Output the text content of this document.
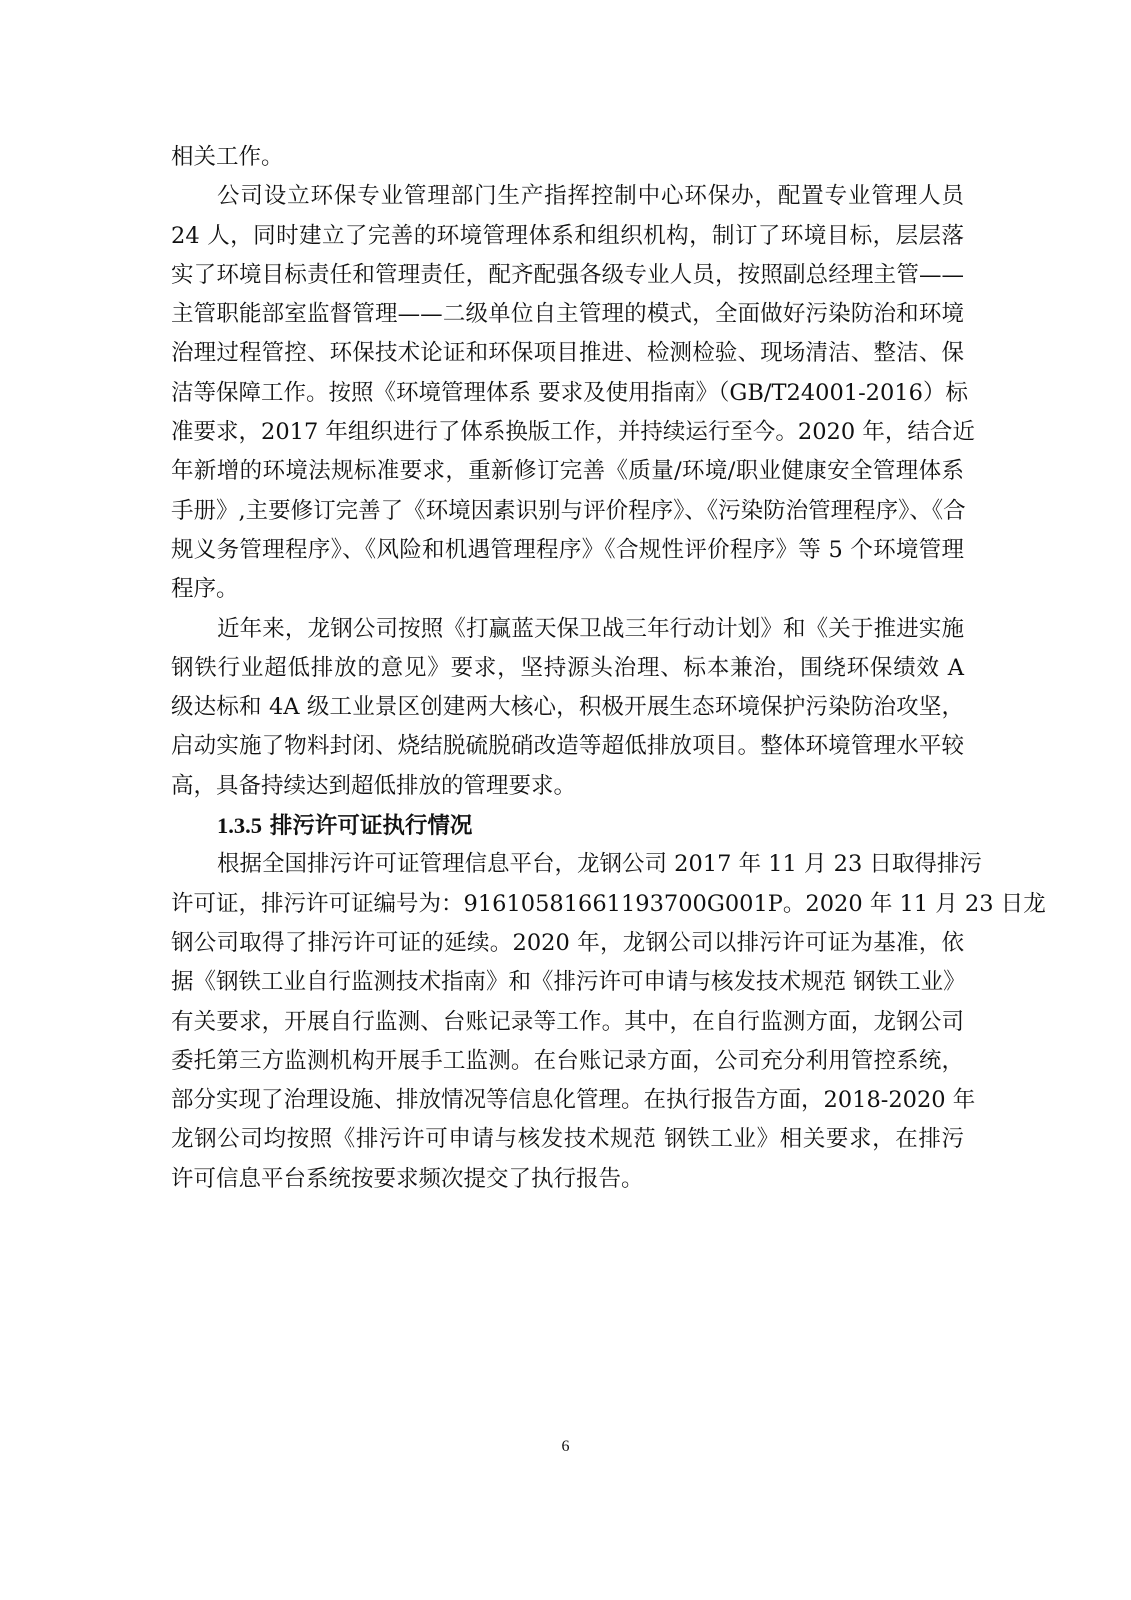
相关工作。
公司设立环保专业管理部门生产指挥控制中心环保办，配置专业管理人员
24 人，同时建立了完善的环境管理体系和组织机构，制订了环境目标，层层落
实了环境目标责任和管理责任，配齐配强各级专业人员，按照副总经理主管——
主管职能部室监督管理——二级单位自主管理的模式，全面做好污染防治和环境
治理过程管控、环保技术论证和环保项目推进、检测检验、现场清洁、整洁、保
洁等保障工作。按照《环境管理体系 要求及使用指南》（GB/T24001-2016）标
准要求，2017 年组织进行了体系换版工作，并持续运行至今。2020 年，结合近
年新增的环境法规标准要求，重新修订完善《质量/环境/职业健康安全管理体系
手册》,主要修订完善了《环境因素识别与评价程序》、《污染防治管理程序》、《合
规义务管理程序》、《风险和机遇管理程序》《合规性评价程序》等 5 个环境管理
程序。
近年来，龙钢公司按照《打赢蓝天保卫战三年行动计划》和《关于推进实施
钢铁行业超低排放的意见》要求，坚持源头治理、标本兼治，围绕环保绩效 A
级达标和 4A 级工业景区创建两大核心，积极开展生态环境保护污染防治攻坚，
启动实施了物料封闭、烧结脱硫脱硝改造等超低排放项目。整体环境管理水平较
高，具备持续达到超低排放的管理要求。
1.3.5 排污许可证执行情况
根据全国排污许可证管理信息平台，龙钢公司 2017 年 11 月 23 日取得排污
许可证，排污许可证编号为：91610581661193700G001P。2020 年 11 月 23 日龙
钢公司取得了排污许可证的延续。2020 年，龙钢公司以排污许可证为基准，依
据《钢铁工业自行监测技术指南》和《排污许可申请与核发技术规范 钢铁工业》
有关要求，开展自行监测、台账记录等工作。其中，在自行监测方面，龙钢公司
委托第三方监测机构开展手工监测。在台账记录方面，公司充分利用管控系统，
部分实现了治理设施、排放情况等信息化管理。在执行报告方面，2018-2020 年
龙钢公司均按照《排污许可申请与核发技术规范 钢铁工业》相关要求，在排污
许可信息平台系统按要求频次提交了执行报告。
6
